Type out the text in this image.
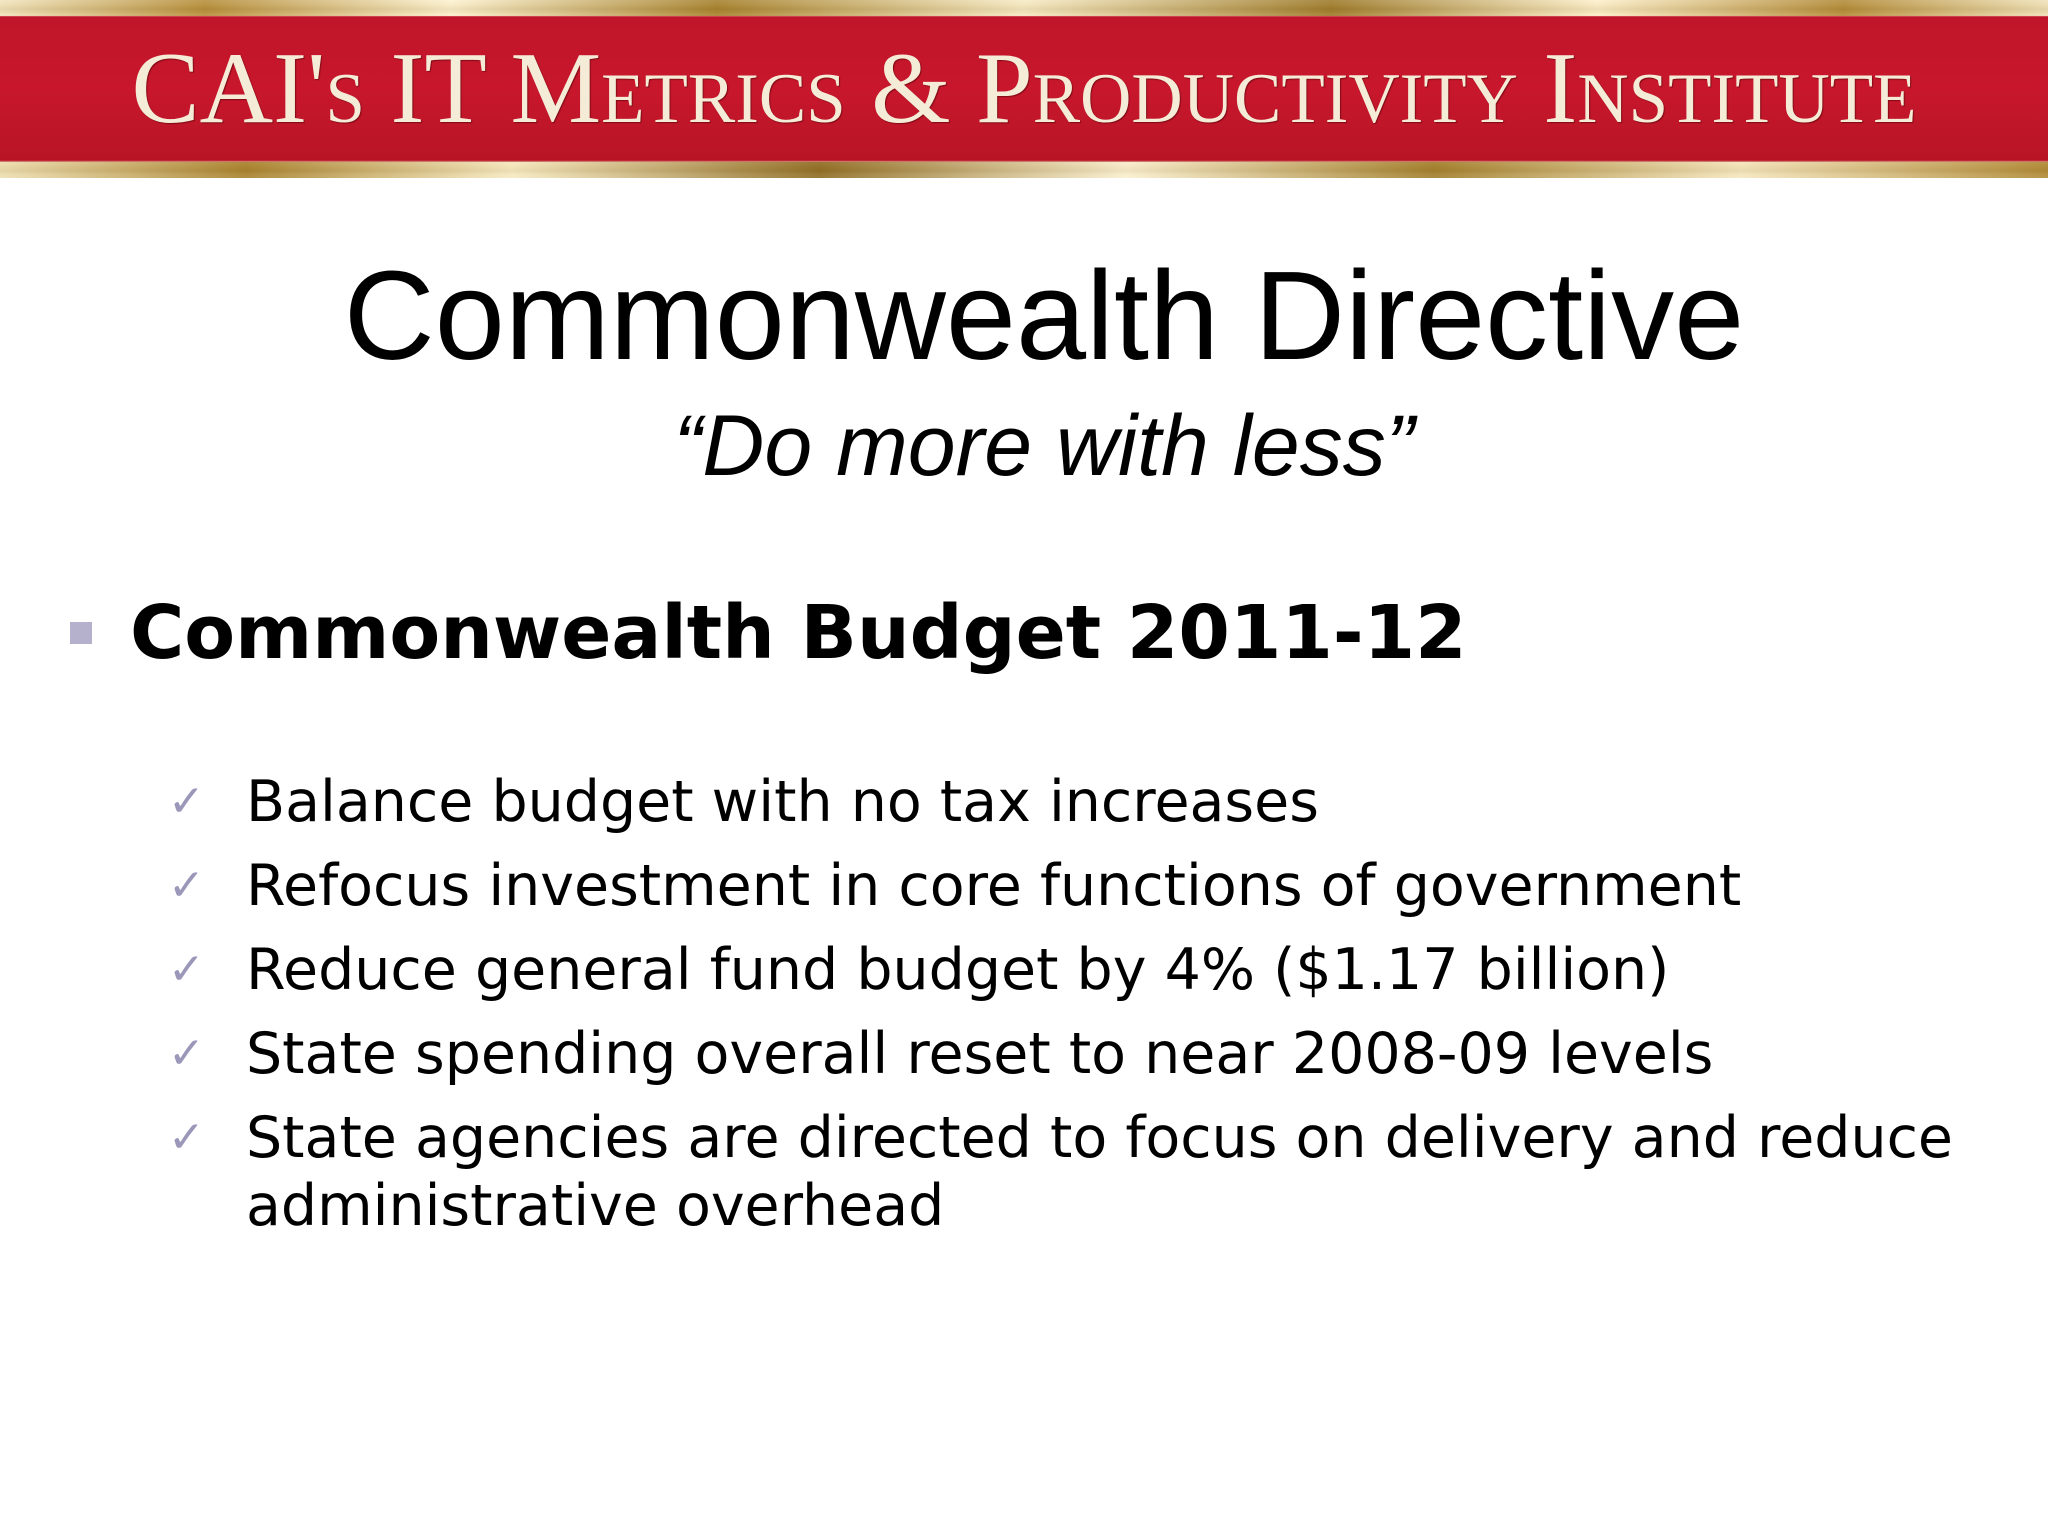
CAI's IT Metrics & Productivity Institute
Commonwealth Directive
“Do more with less”
Commonwealth Budget 2011-12
✓ Balance budget with no tax increases
✓ Refocus investment in core functions of government
✓ Reduce general fund budget by 4% ($1.17 billion)
✓ State spending overall reset to near 2008-09 levels
✓ State agencies are directed to focus on delivery and reduce administrative overhead
